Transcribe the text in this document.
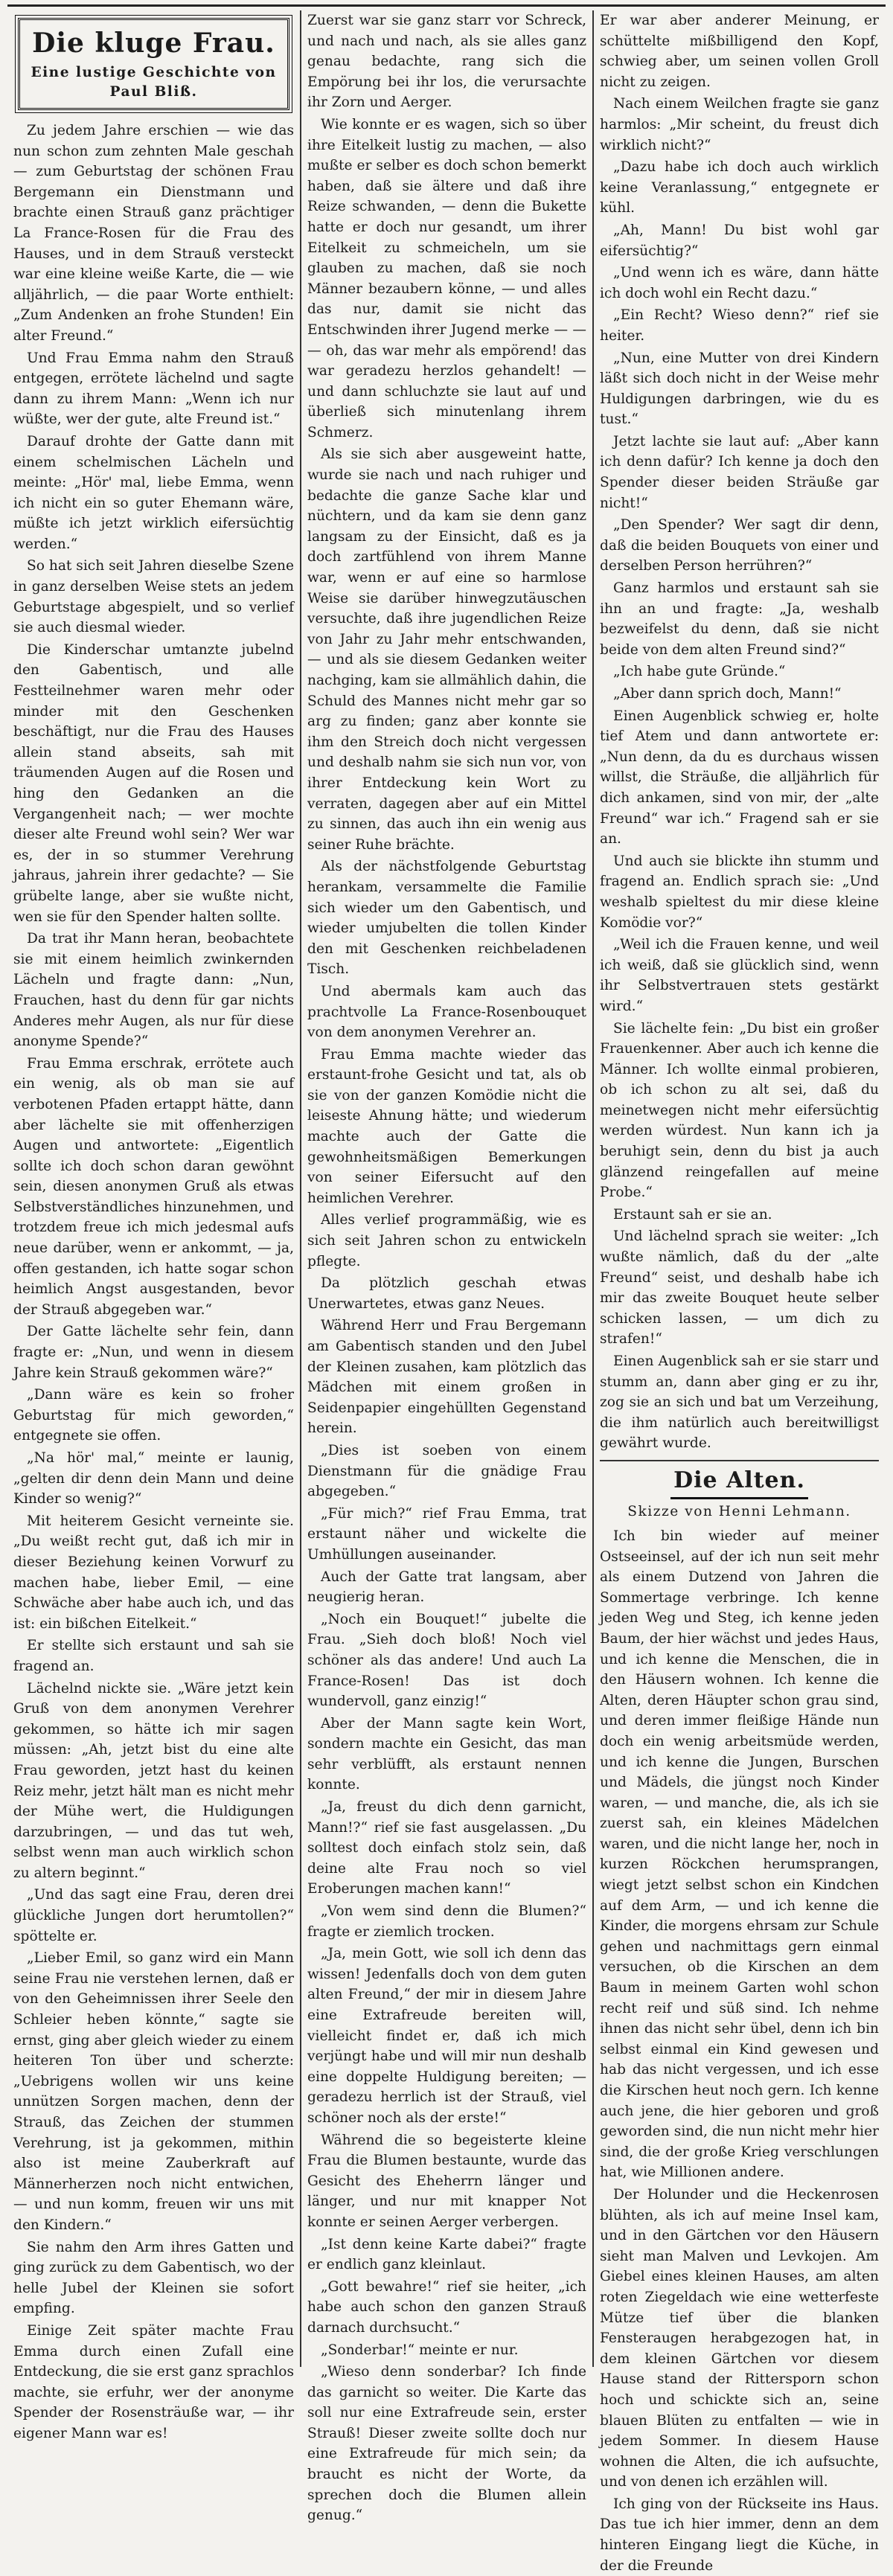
Die kluge Frau.
Eine lustige Geschichte von Paul Bliß.

Zu jedem Jahre erschien — wie das nun schon zum zehnten Male geschah — zum Geburtstag der schönen Frau Bergemann ein Dienstmann und brachte einen Strauß ganz prächtiger La France-Rosen für die Frau des Hauses, und in dem Strauß versteckt war eine kleine weiße Karte, die — wie alljährlich, — die paar Worte enthielt: „Zum Andenken an frohe Stunden! Ein alter Freund.“

Und Frau Emma nahm den Strauß entgegen, errötete lächelnd und sagte dann zu ihrem Mann: „Wenn ich nur wüßte, wer der gute, alte Freund ist.“

Darauf drohte der Gatte dann mit einem schelmischen Lächeln und meinte: „Hör' mal, liebe Emma, wenn ich nicht ein so guter Ehemann wäre, müßte ich jetzt wirklich eifersüchtig werden.“

So hat sich seit Jahren dieselbe Szene in ganz derselben Weise stets an jedem Geburtstage abgespielt, und so verlief sie auch diesmal wieder.

Die Kinderschar umtanzte jubelnd den Gabentisch, und alle Festteilnehmer waren mehr oder minder mit den Geschenken beschäftigt, nur die Frau des Hauses allein stand abseits, sah mit träumenden Augen auf die Rosen und hing den Gedanken an die Vergangenheit nach; — wer mochte dieser alte Freund wohl sein? Wer war es, der in so stummer Verehrung jahraus, jahrein ihrer gedachte? — Sie grübelte lange, aber sie wußte nicht, wen sie für den Spender halten sollte.

Da trat ihr Mann heran, beobachtete sie mit einem heimlich zwinkernden Lächeln und fragte dann: „Nun, Frauchen, hast du denn für gar nichts Anderes mehr Augen, als nur für diese anonyme Spende?“

Frau Emma erschrak, errötete auch ein wenig, als ob man sie auf verbotenen Pfaden ertappt hätte, dann aber lächelte sie mit offenherzigen Augen und antwortete: „Eigentlich sollte ich doch schon daran gewöhnt sein, diesen anonymen Gruß als etwas Selbstverständliches hinzunehmen, und trotzdem freue ich mich jedesmal aufs neue darüber, wenn er ankommt, — ja, offen gestanden, ich hatte sogar schon heimlich Angst ausgestanden, bevor der Strauß abgegeben war.“

Der Gatte lächelte sehr fein, dann fragte er: „Nun, und wenn in diesem Jahre kein Strauß gekommen wäre?“

„Dann wäre es kein so froher Geburtstag für mich geworden,“ entgegnete sie offen.

„Na hör' mal,“ meinte er launig, „gelten dir denn dein Mann und deine Kinder so wenig?“

Mit heiterem Gesicht verneinte sie. „Du weißt recht gut, daß ich mir in dieser Beziehung keinen Vorwurf zu machen habe, lieber Emil, — eine Schwäche aber habe auch ich, und das ist: ein bißchen Eitelkeit.“

Er stellte sich erstaunt und sah sie fragend an.

Lächelnd nickte sie. „Wäre jetzt kein Gruß von dem anonymen Verehrer gekommen, so hätte ich mir sagen müssen: „Ah, jetzt bist du eine alte Frau geworden, jetzt hast du keinen Reiz mehr, jetzt hält man es nicht mehr der Mühe wert, die Huldigungen darzubringen, — und das tut weh, selbst wenn man auch wirklich schon zu altern beginnt.“

„Und das sagt eine Frau, deren drei glückliche Jungen dort herumtollen?“ spöttelte er.

„Lieber Emil, so ganz wird ein Mann seine Frau nie verstehen lernen, daß er von den Geheimnissen ihrer Seele den Schleier heben könnte,“ sagte sie ernst, ging aber gleich wieder zu einem heiteren Ton über und scherzte: „Uebrigens wollen wir uns keine unnützen Sorgen machen, denn der Strauß, das Zeichen der stummen Verehrung, ist ja gekommen, mithin also ist meine Zauberkraft auf Männerherzen noch nicht entwichen, — und nun komm, freuen wir uns mit den Kindern.“

Sie nahm den Arm ihres Gatten und ging zurück zu dem Gabentisch, wo der helle Jubel der Kleinen sie sofort empfing.

Einige Zeit später machte Frau Emma durch einen Zufall eine Entdeckung, die sie erst ganz sprachlos machte, sie erfuhr, wer der anonyme Spender der Rosensträuße war, — ihr eigener Mann war es!

Zuerst war sie ganz starr vor Schreck, und nach und nach, als sie alles ganz genau bedachte, rang sich die Empörung bei ihr los, die verursachte ihr Zorn und Aerger.

Wie konnte er es wagen, sich so über ihre Eitelkeit lustig zu machen, — also mußte er selber es doch schon bemerkt haben, daß sie ältere und daß ihre Reize schwanden, — denn die Bukette hatte er doch nur gesandt, um ihrer Eitelkeit zu schmeicheln, um sie glauben zu machen, daß sie noch Männer bezaubern könne, — und alles das nur, damit sie nicht das Entschwinden ihrer Jugend merke — — — oh, das war mehr als empörend! das war geradezu herzlos gehandelt! — und dann schluchzte sie laut auf und überließ sich minutenlang ihrem Schmerz.

Als sie sich aber ausgeweint hatte, wurde sie nach und nach ruhiger und bedachte die ganze Sache klar und nüchtern, und da kam sie denn ganz langsam zu der Einsicht, daß es ja doch zartfühlend von ihrem Manne war, wenn er auf eine so harmlose Weise sie darüber hinwegzutäuschen versuchte, daß ihre jugendlichen Reize von Jahr zu Jahr mehr entschwanden, — und als sie diesem Gedanken weiter nachging, kam sie allmählich dahin, die Schuld des Mannes nicht mehr gar so arg zu finden; ganz aber konnte sie ihm den Streich doch nicht vergessen und deshalb nahm sie sich nun vor, von ihrer Entdeckung kein Wort zu verraten, dagegen aber auf ein Mittel zu sinnen, das auch ihn ein wenig aus seiner Ruhe brächte.

Als der nächstfolgende Geburtstag herankam, versammelte die Familie sich wieder um den Gabentisch, und wieder umjubelten die tollen Kinder den mit Geschenken reichbeladenen Tisch.

Und abermals kam auch das prachtvolle La France-Rosenbouquet von dem anonymen Verehrer an.

Frau Emma machte wieder das erstaunt-frohe Gesicht und tat, als ob sie von der ganzen Komödie nicht die leiseste Ahnung hätte; und wiederum machte auch der Gatte die gewohnheitsmäßigen Bemerkungen von seiner Eifersucht auf den heimlichen Verehrer.

Alles verlief programmäßig, wie es sich seit Jahren schon zu entwickeln pflegte.

Da plötzlich geschah etwas Unerwartetes, etwas ganz Neues.

Während Herr und Frau Bergemann am Gabentisch standen und den Jubel der Kleinen zusahen, kam plötzlich das Mädchen mit einem großen in Seidenpapier eingehüllten Gegenstand herein.

„Dies ist soeben von einem Dienstmann für die gnädige Frau abgegeben.“

„Für mich?“ rief Frau Emma, trat erstaunt näher und wickelte die Umhüllungen auseinander.

Auch der Gatte trat langsam, aber neugierig heran.

„Noch ein Bouquet!“ jubelte die Frau. „Sieh doch bloß! Noch viel schöner als das andere! Und auch La France-Rosen! Das ist doch wundervoll, ganz einzig!“

Aber der Mann sagte kein Wort, sondern machte ein Gesicht, das man sehr verblüfft, als erstaunt nennen konnte.

„Ja, freust du dich denn garnicht, Mann!?“ rief sie fast ausgelassen. „Du solltest doch einfach stolz sein, daß deine alte Frau noch so viel Eroberungen machen kann!“

„Von wem sind denn die Blumen?“ fragte er ziemlich trocken.

„Ja, mein Gott, wie soll ich denn das wissen! Jedenfalls doch von dem guten alten Freund,“ der mir in diesem Jahre eine Extrafreude bereiten will, vielleicht findet er, daß ich mich verjüngt habe und will mir nun deshalb eine doppelte Huldigung bereiten; — geradezu herrlich ist der Strauß, viel schöner noch als der erste!“

Während die so begeisterte kleine Frau die Blumen bestaunte, wurde das Gesicht des Eheherrn länger und länger, und nur mit knapper Not konnte er seinen Aerger verbergen.

„Ist denn keine Karte dabei?“ fragte er endlich ganz kleinlaut.

„Gott bewahre!“ rief sie heiter, „ich habe auch schon den ganzen Strauß darnach durchsucht.“

„Sonderbar!“ meinte er nur.

„Wieso denn sonderbar? Ich finde das garnicht so weiter. Die Karte das soll nur eine Extrafreude sein, erster Strauß! Dieser zweite sollte doch nur eine Extrafreude für mich sein; da braucht es nicht der Worte, da sprechen doch die Blumen allein genug.“

Er war aber anderer Meinung, er schüttelte mißbilligend den Kopf, schwieg aber, um seinen vollen Groll nicht zu zeigen.

Nach einem Weilchen fragte sie ganz harmlos: „Mir scheint, du freust dich wirklich nicht?“

„Dazu habe ich doch auch wirklich keine Veranlassung,“ entgegnete er kühl.

„Ah, Mann! Du bist wohl gar eifersüchtig?“

„Und wenn ich es wäre, dann hätte ich doch wohl ein Recht dazu.“

„Ein Recht? Wieso denn?“ rief sie heiter.

„Nun, eine Mutter von drei Kindern läßt sich doch nicht in der Weise mehr Huldigungen darbringen, wie du es tust.“

Jetzt lachte sie laut auf: „Aber kann ich denn dafür? Ich kenne ja doch den Spender dieser beiden Sträuße gar nicht!“

„Den Spender? Wer sagt dir denn, daß die beiden Bouquets von einer und derselben Person herrühren?“

Ganz harmlos und erstaunt sah sie ihn an und fragte: „Ja, weshalb bezweifelst du denn, daß sie nicht beide von dem alten Freund sind?“

„Ich habe gute Gründe.“

„Aber dann sprich doch, Mann!“

Einen Augenblick schwieg er, holte tief Atem und dann antwortete er: „Nun denn, da du es durchaus wissen willst, die Sträuße, die alljährlich für dich ankamen, sind von mir, der „alte Freund“ war ich.“ Fragend sah er sie an.

Und auch sie blickte ihn stumm und fragend an. Endlich sprach sie: „Und weshalb spieltest du mir diese kleine Komödie vor?“

„Weil ich die Frauen kenne, und weil ich weiß, daß sie glücklich sind, wenn ihr Selbstvertrauen stets gestärkt wird.“

Sie lächelte fein: „Du bist ein großer Frauenkenner. Aber auch ich kenne die Männer. Ich wollte einmal probieren, ob ich schon zu alt sei, daß du meinetwegen nicht mehr eifersüchtig werden würdest. Nun kann ich ja beruhigt sein, denn du bist ja auch glänzend reingefallen auf meine Probe.“

Erstaunt sah er sie an.

Und lächelnd sprach sie weiter: „Ich wußte nämlich, daß du der „alte Freund“ seist, und deshalb habe ich mir das zweite Bouquet heute selber schicken lassen, — um dich zu strafen!“

Einen Augenblick sah er sie starr und stumm an, dann aber ging er zu ihr, zog sie an sich und bat um Verzeihung, die ihm natürlich auch bereitwilligst gewährt wurde.

Die Alten.
Skizze von Henni Lehmann.

Ich bin wieder auf meiner Ostseeinsel, auf der ich nun seit mehr als einem Dutzend von Jahren die Sommertage verbringe. Ich kenne jeden Weg und Steg, ich kenne jeden Baum, der hier wächst und jedes Haus, und ich kenne die Menschen, die in den Häusern wohnen. Ich kenne die Alten, deren Häupter schon grau sind, und deren immer fleißige Hände nun doch ein wenig arbeitsmüde werden, und ich kenne die Jungen, Burschen und Mädels, die jüngst noch Kinder waren, — und manche, die, als ich sie zuerst sah, ein kleines Mädelchen waren, und die nicht lange her, noch in kurzen Röckchen herumsprangen, wiegt jetzt selbst schon ein Kindchen auf dem Arm, — und ich kenne die Kinder, die morgens ehrsam zur Schule gehen und nachmittags gern einmal versuchen, ob die Kirschen an dem Baum in meinem Garten wohl schon recht reif und süß sind. Ich nehme ihnen das nicht sehr übel, denn ich bin selbst einmal ein Kind gewesen und hab das nicht vergessen, und ich esse die Kirschen heut noch gern. Ich kenne auch jene, die hier geboren und groß geworden sind, die nun nicht mehr hier sind, die der große Krieg verschlungen hat, wie Millionen andere.

Der Holunder und die Heckenrosen blühten, als ich auf meine Insel kam, und in den Gärtchen vor den Häusern sieht man Malven und Levkojen. Am Giebel eines kleinen Hauses, am alten roten Ziegeldach wie eine wetterfeste Mütze tief über die blanken Fensteraugen herabgezogen hat, in dem kleinen Gärtchen vor diesem Hause stand der Rittersporn schon hoch und schickte sich an, seine blauen Blüten zu entfalten — wie in jedem Sommer. In diesem Hause wohnen die Alten, die ich aufsuchte, und von denen ich erzählen will.

Ich ging von der Rückseite ins Haus. Das tue ich hier immer, denn an dem hinteren Eingang liegt die Küche, in der die Freunde
